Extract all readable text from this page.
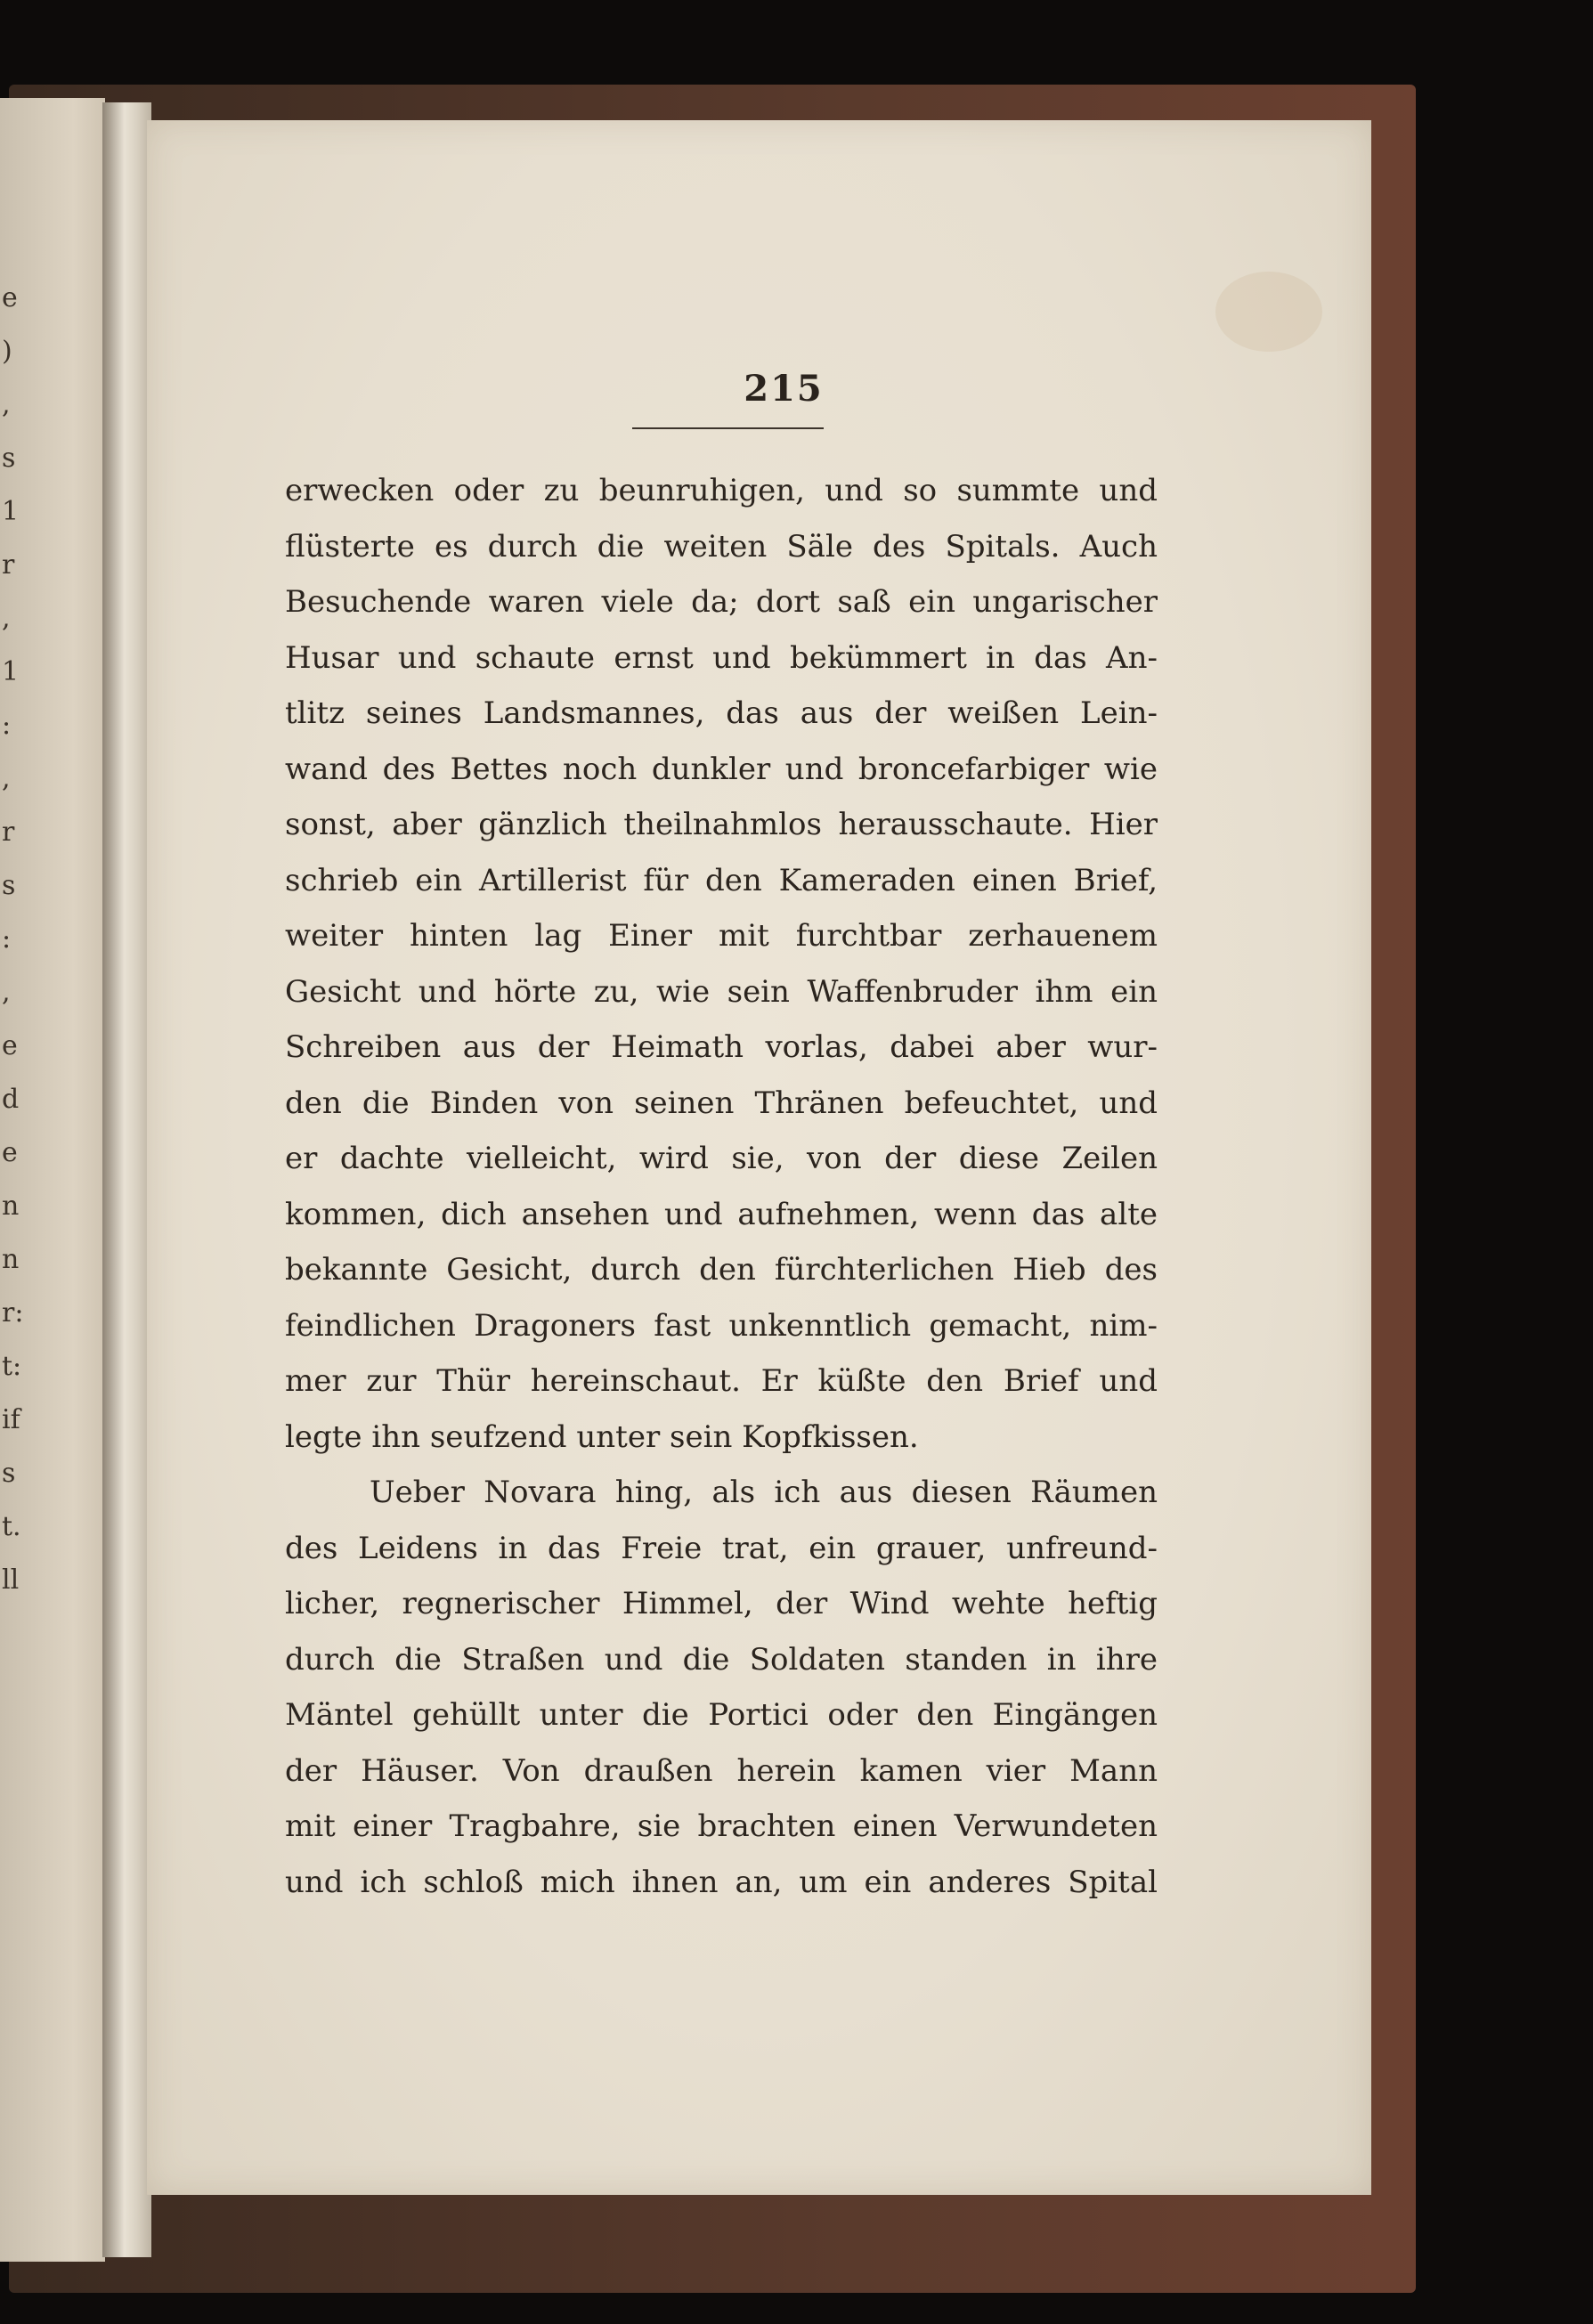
e
)
,
s
1
r
,
1
:
,
r
s
:
,
e
d
e
n
n
r:
t:
if
s
t.
ll
215
erwecken oder zu beunruhigen, und so summte und
flüsterte es durch die weiten Säle des Spitals. Auch
Besuchende waren viele da; dort saß ein ungarischer
Husar und schaute ernst und bekümmert in das An-
tlitz seines Landsmannes, das aus der weißen Lein-
wand des Bettes noch dunkler und broncefarbiger wie
sonst, aber gänzlich theilnahmlos herausschaute. Hier
schrieb ein Artillerist für den Kameraden einen Brief,
weiter hinten lag Einer mit furchtbar zerhauenem
Gesicht und hörte zu, wie sein Waffenbruder ihm ein
Schreiben aus der Heimath vorlas, dabei aber wur-
den die Binden von seinen Thränen befeuchtet, und
er dachte vielleicht, wird sie, von der diese Zeilen
kommen, dich ansehen und aufnehmen, wenn das alte
bekannte Gesicht, durch den fürchterlichen Hieb des
feindlichen Dragoners fast unkenntlich gemacht, nim-
mer zur Thür hereinschaut. Er küßte den Brief und
legte ihn seufzend unter sein Kopfkissen.
Ueber Novara hing, als ich aus diesen Räumen
des Leidens in das Freie trat, ein grauer, unfreund-
licher, regnerischer Himmel, der Wind wehte heftig
durch die Straßen und die Soldaten standen in ihre
Mäntel gehüllt unter die Portici oder den Eingängen
der Häuser. Von draußen herein kamen vier Mann
mit einer Tragbahre, sie brachten einen Verwundeten
und ich schloß mich ihnen an, um ein anderes Spital
